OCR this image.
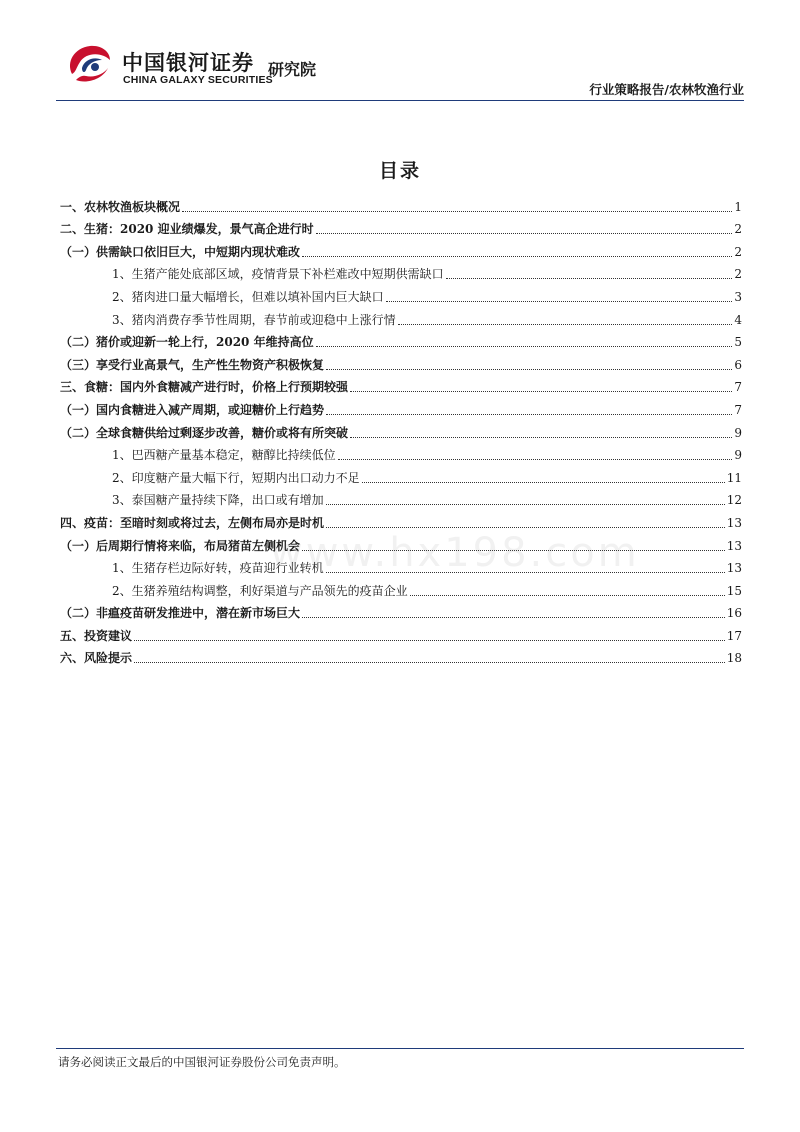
中国银河证券
CHINA GALAXY SECURITIES
研究院
行业策略报告/农林牧渔行业
目录
一、农林牧渔板块概况	1
二、生猪：2020 迎业绩爆发，景气高企进行时	2
（一）供需缺口依旧巨大，中短期内现状难改	2
1、生猪产能处底部区域，疫情背景下补栏难改中短期供需缺口	2
2、猪肉进口量大幅增长，但难以填补国内巨大缺口	3
3、猪肉消费存季节性周期，春节前或迎稳中上涨行情	4
（二）猪价或迎新一轮上行，2020 年维持高位	5
（三）享受行业高景气，生产性生物资产积极恢复	6
三、食糖：国内外食糖减产进行时，价格上行预期较强	7
（一）国内食糖进入减产周期，或迎糖价上行趋势	7
（二）全球食糖供给过剩逐步改善，糖价或将有所突破	9
1、巴西糖产量基本稳定，糖醇比持续低位	9
2、印度糖产量大幅下行，短期内出口动力不足	11
3、泰国糖产量持续下降，出口或有增加	12
四、疫苗：至暗时刻或将过去，左侧布局亦是时机	13
（一）后周期行情将来临，布局猪苗左侧机会	13
1、生猪存栏边际好转，疫苗迎行业转机	13
2、生猪养殖结构调整，利好渠道与产品领先的疫苗企业	15
（二）非瘟疫苗研发推进中，潜在新市场巨大	16
五、投资建议	17
六、风险提示	18
www.hx198.com
请务必阅读正文最后的中国银河证券股份公司免责声明。
